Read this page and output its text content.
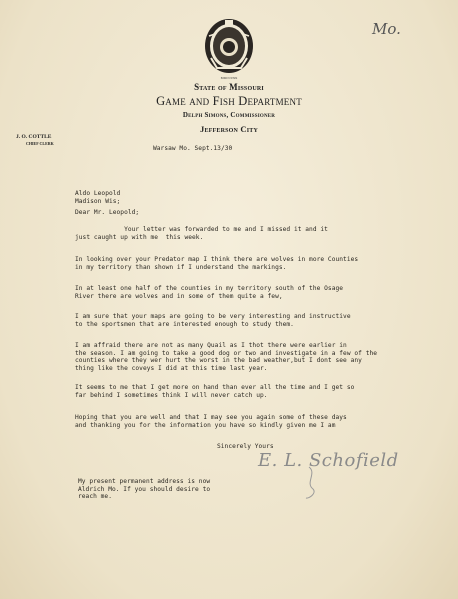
Mo.
MDCCCXX
State of Missouri
Game and Fish Department
Delph Simons, Commissioner
Jefferson City
J. O. COTTLE
CHIEF CLERK
Warsaw Mo. Sept.13/30
Aldo Leopold
Madison Wis;
Dear Mr. Leopold;
Your letter was forwarded to me and I missed it and it
just caught up with me  this week.
In looking over your Predator map I think there are wolves in more Counties
in my territory than shown if I understand the markings.
In at least one half of the counties in my territory south of the Osage
River there are wolves and in some of them quite a few,
I am sure that your maps are going to be very interesting and instructive
to the sportsmen that are interested enough to study them.
I am affraid there are not as many Quail as I thot there were earlier in
the season. I am going to take a good dog or two and investigate in a few of the
counties where they wer hurt the worst in the bad weather,but I dont see any
thing like the coveys I did at this time last year.
It seems to me that I get more on hand than ever all the time and I get so
far behind I sometimes think I will never catch up.
Hoping that you are well and that I may see you again some of these days
and thanking you for the information you have so kindly given me I am
Sincerely Yours
E. L. Schofield
My present permanent address is now
Aldrich Mo. If you should desire to
reach me.
